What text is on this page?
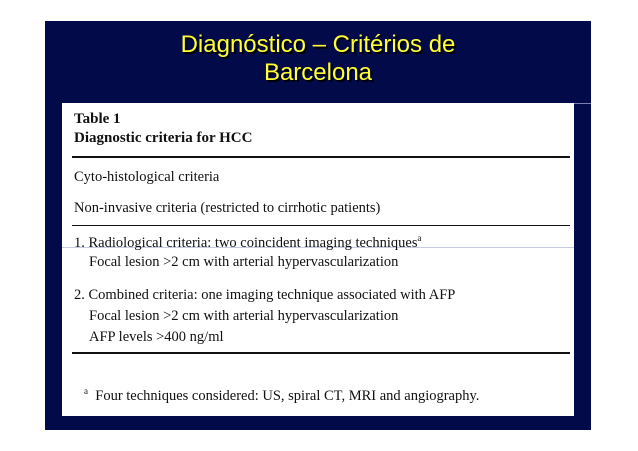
Diagnóstico – Critérios de
Barcelona
Table 1
Diagnostic criteria for HCC
Cyto-histological criteria
Non-invasive criteria (restricted to cirrhotic patients)
1. Radiological criteria: two coincident imaging techniques$^a$
Focal lesion >2 cm with arterial hypervascularization
2. Combined criteria: one imaging technique associated with AFP
Focal lesion >2 cm with arterial hypervascularization
AFP levels >400 ng/ml
$^a$ Four techniques considered: US, spiral CT, MRI and angiography.
